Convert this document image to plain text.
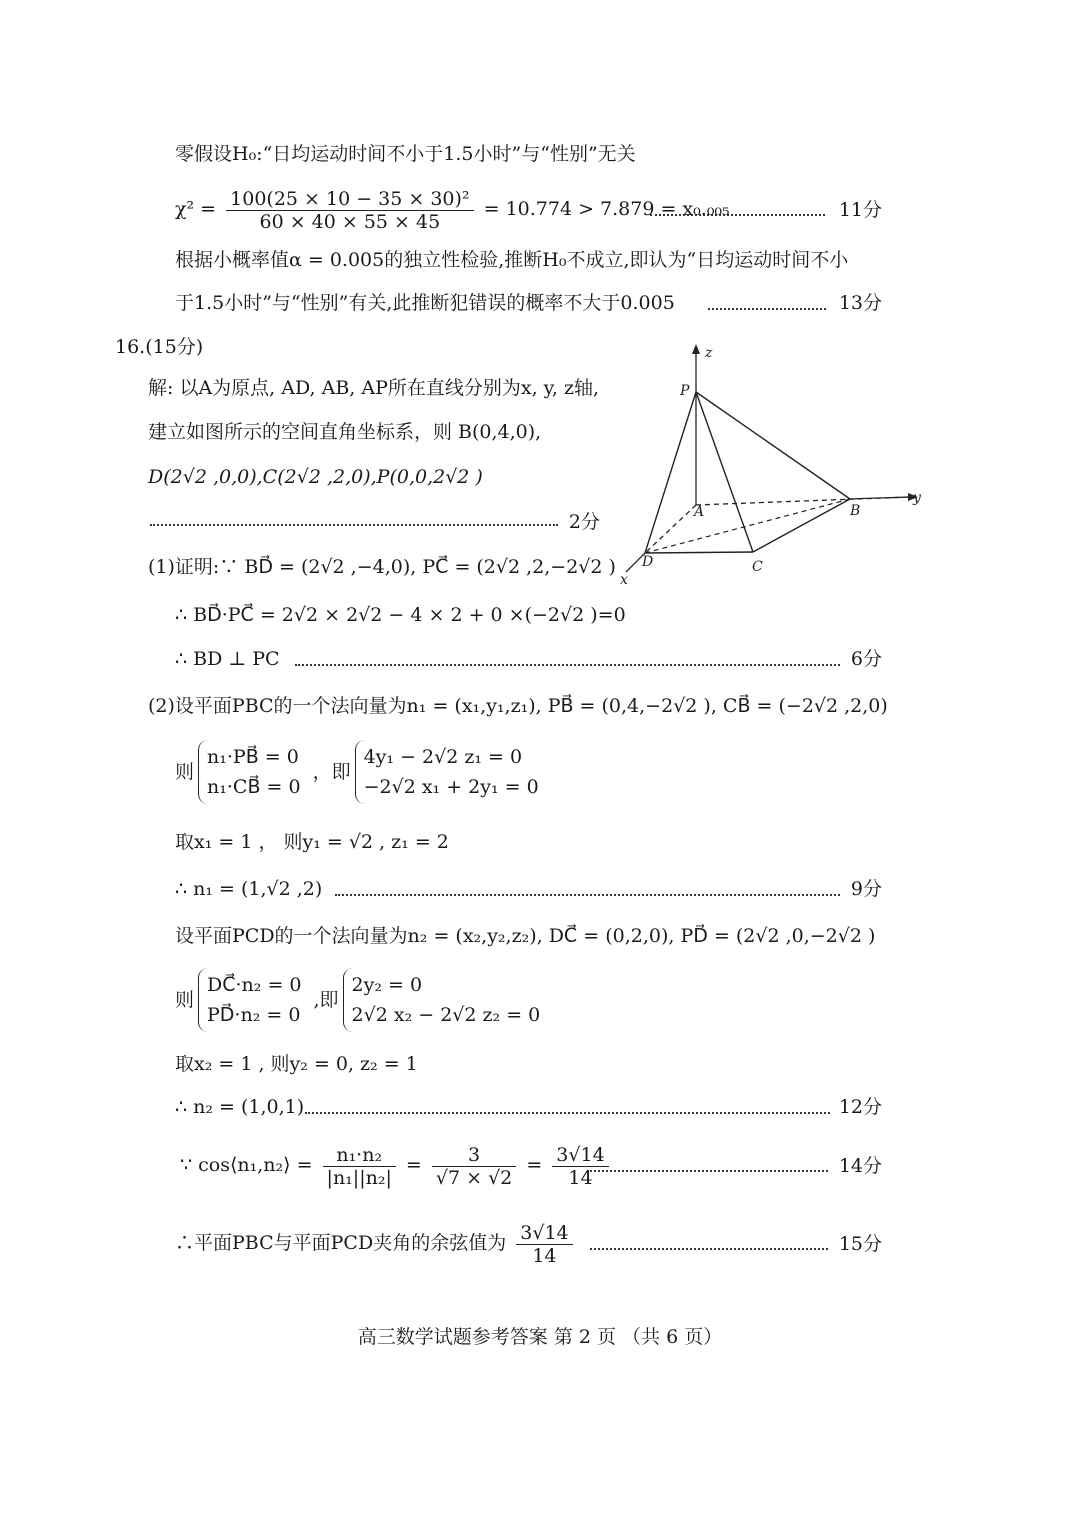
零假设H₀:“日均运动时间不小于1.5小时”与“性别”无关
$\chi^2 = \frac{\text{100(25 × 10 − 35 × 30)²}}{60 \times 40 \times 55 \times 45} = 10.774 > 7.879 = x_0._{005}$	11分
根据小概率值α = 0.005的独立性检验,推断H₀不成立,即认为“日均运动时间不小
于1.5小时”与“性别”有关,此推断犯错误的概率不大于0.005	13分
16.(15分)
解: 以A为原点, AD, AB, AP所在直线分别为x, y, z轴,
建立如图所示的空间直角坐标系，则 B(0,4,0),
D(2√2 ,0,0),C(2√2 ,2,0),P(0,0,2√2 )
2分
z
P
A	B
C
D
x
y
(1)证明:∵ BD⃗ = (2√2 ,−4,0), PC⃗ = (2√2 ,2,−2√2 )
∴ BD⃗·PC⃗ = 2√2 × 2√2 − 4 × 2 + 0 ×(−2√2 )=0
∴ BD ⊥ PC	6分
(2)设平面PBC的一个法向量为n₁ = (x₁,y₁,z₁), PB⃗ = (0,4,−2√2 ), CB⃗ = (−2√2 ,2,0)
则
n₁·PB⃗ = 0
n₁·CB⃗ = 0
，即
4y₁ − 2√2 z₁ = 0
−2√2 x₁ + 2y₁ = 0
取x₁ = 1 ， 则y₁ = √2 , z₁ = 2
∴ n₁ = (1,√2 ,2)	9分
设平面PCD的一个法向量为n₂ = (x₂,y₂,z₂), DC⃗ = (0,2,0), PD⃗ = (2√2 ,0,−2√2 )
则
DC⃗·n₂ = 0
PD⃗·n₂ = 0
,即
2y₂ = 0
2√2 x₂ − 2√2 z₂ = 0
取x₂ = 1 , 则y₂ = 0, z₂ = 1
∴ n₂ = (1,0,1)	12分
∵ cos⟨n₁,n₂⟩ = $\frac{\text{n₁·n₂}}{\text{|n₁||n₂|}} = \frac{3}{√7 \times √2} = \frac{3√14}{14}$	14分
∴平面PBC与平面PCD夹角的余弦值为 $\frac{3√14}{14}$	15分
高三数学试题参考答案 第 2 页 （共 6 页）
